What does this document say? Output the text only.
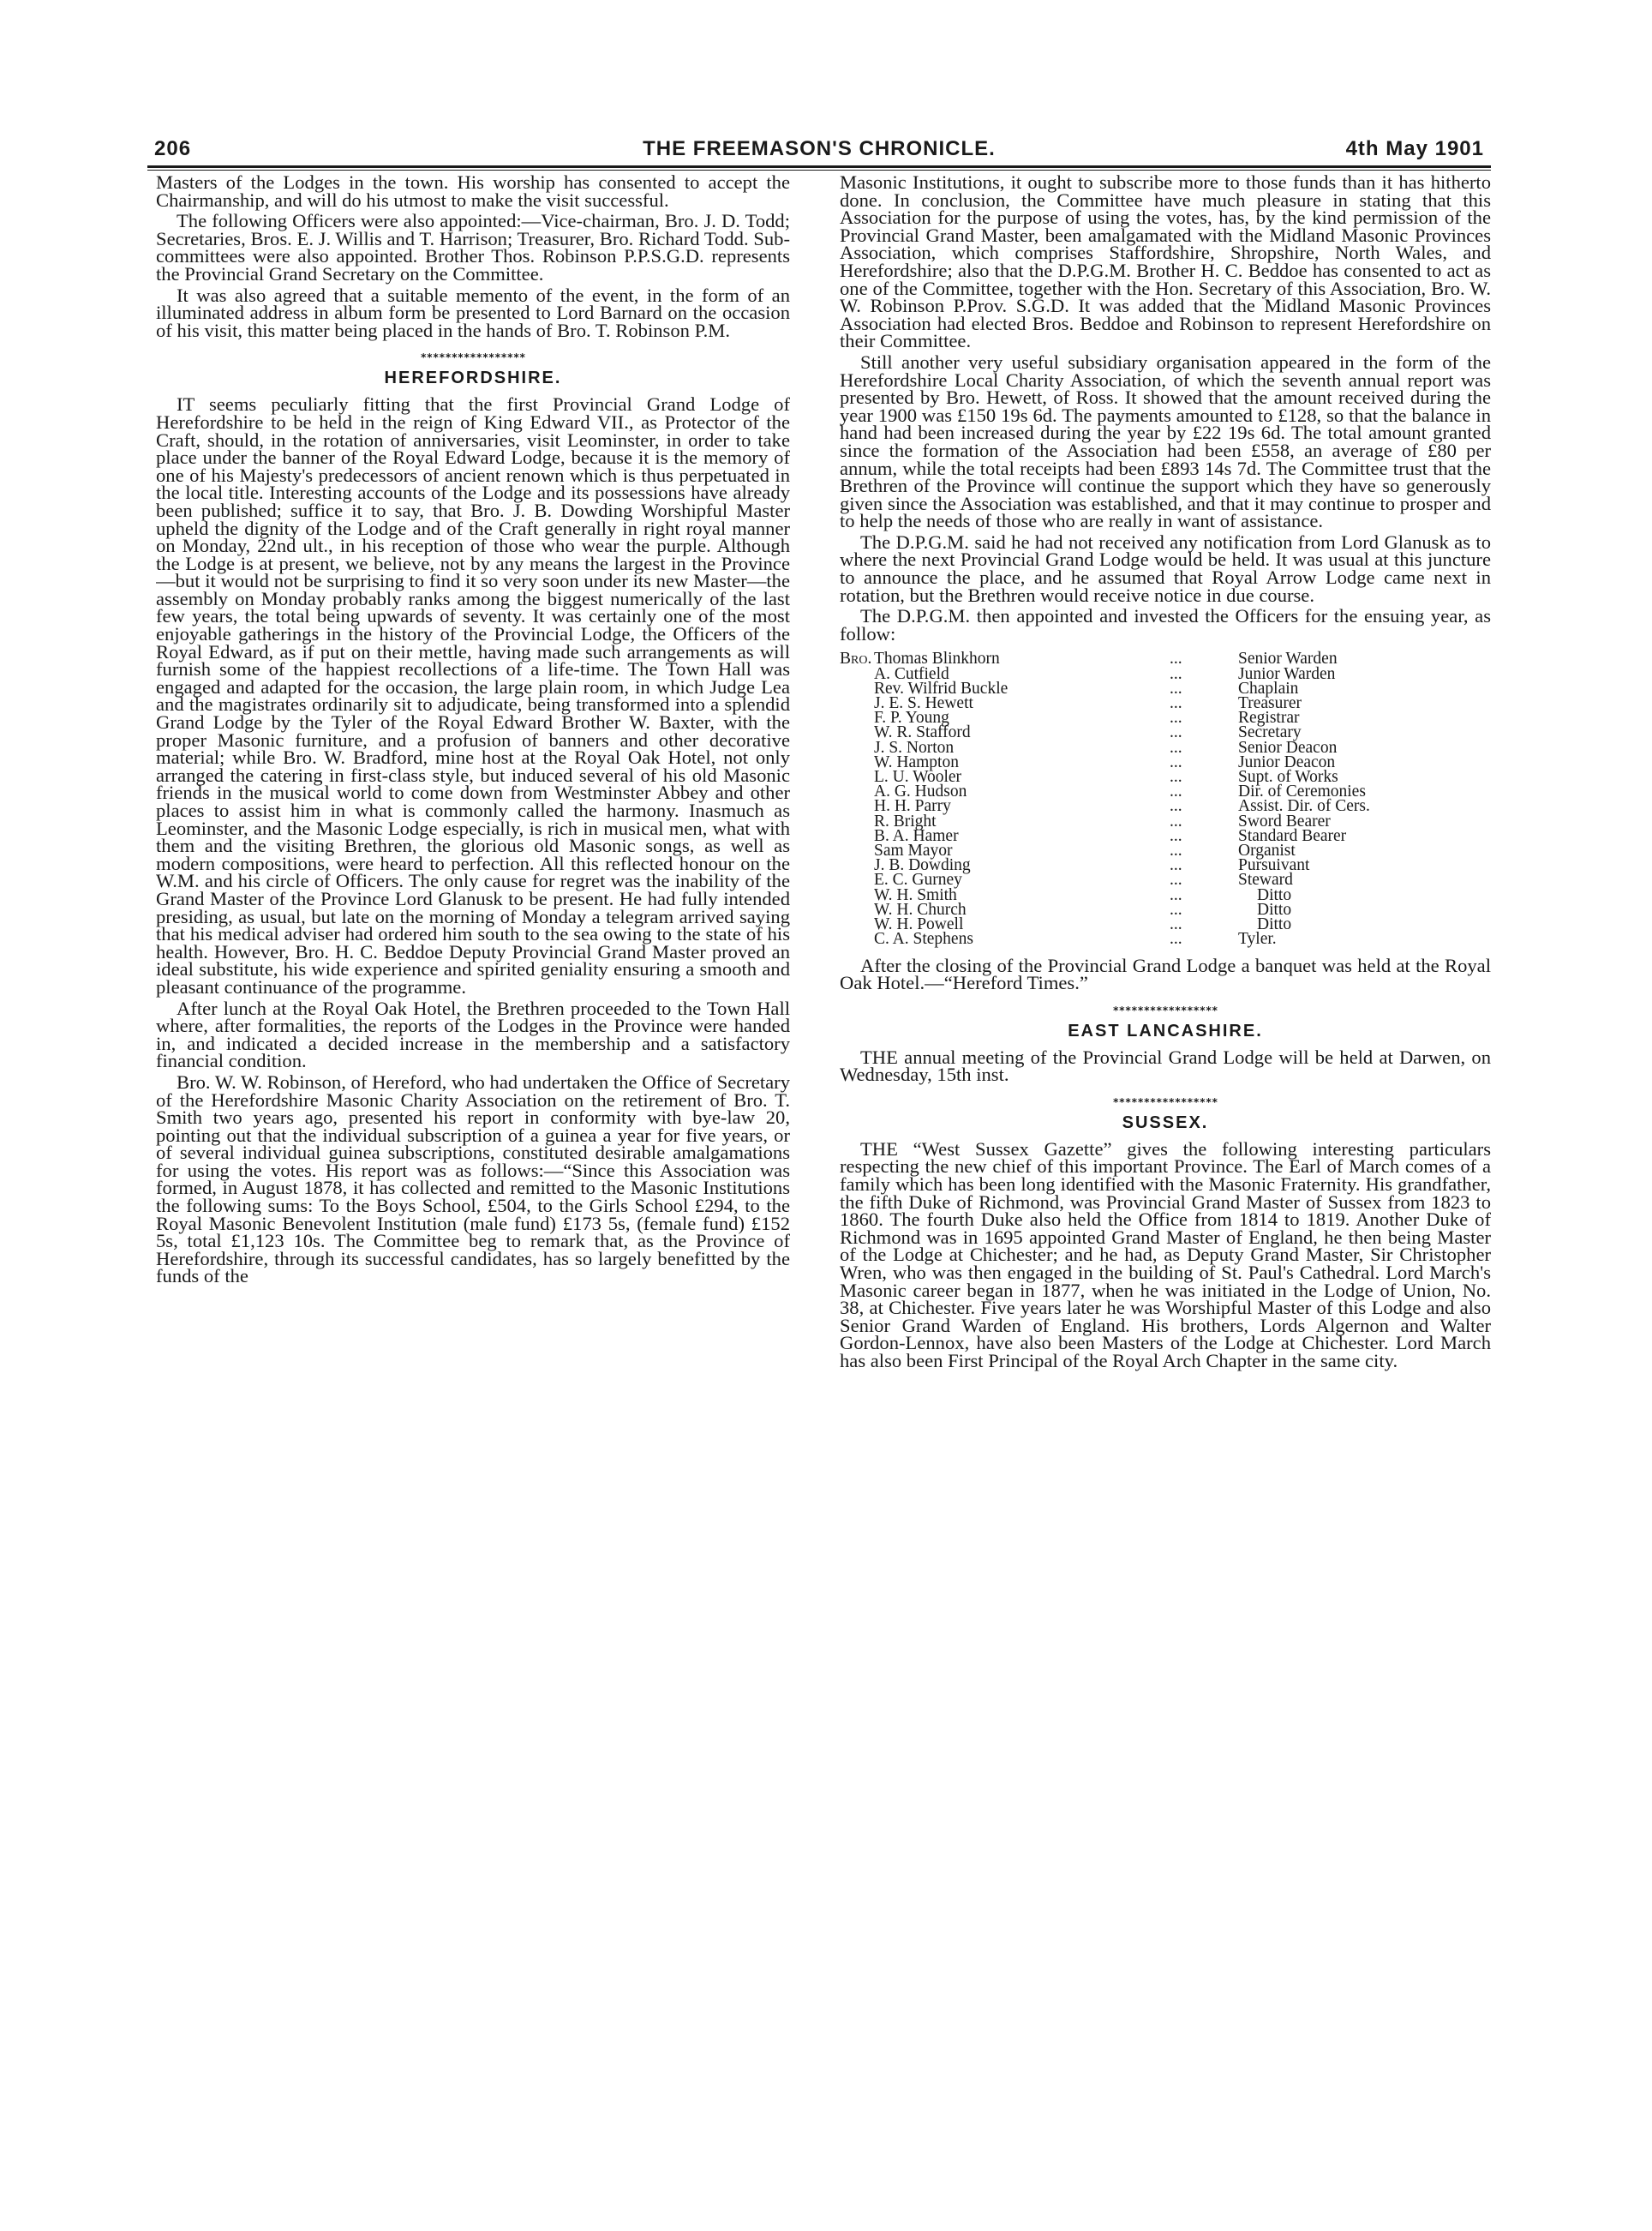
206	THE FREEMASON'S CHRONICLE.	4th May 1901

Masters of the Lodges in the town. His worship has consented to accept the Chairmanship, and will do his utmost to make the visit successful.

The following Officers were also appointed:—Vice-chairman, Bro. J. D. Todd; Secretaries, Bros. E. J. Willis and T. Harrison; Treasurer, Bro. Richard Todd. Sub-committees were also appointed. Brother Thos. Robinson P.P.S.G.D. represents the Provincial Grand Secretary on the Committee.

It was also agreed that a suitable memento of the event, in the form of an illuminated address in album form be presented to Lord Barnard on the occasion of his visit, this matter being placed in the hands of Bro. T. Robinson P.M.

*****************
HEREFORDSHIRE.

IT seems peculiarly fitting that the first Provincial Grand Lodge of Herefordshire to be held in the reign of King Edward VII., as Protector of the Craft, should, in the rotation of anniversaries, visit Leominster, in order to take place under the banner of the Royal Edward Lodge, because it is the memory of one of his Majesty's predecessors of ancient renown which is thus perpetuated in the local title. Interesting accounts of the Lodge and its possessions have already been published; suffice it to say, that Bro. J. B. Dowding Worshipful Master upheld the dignity of the Lodge and of the Craft generally in right royal manner on Monday, 22nd ult., in his reception of those who wear the purple. Although the Lodge is at present, we believe, not by any means the largest in the Province—but it would not be surprising to find it so very soon under its new Master—the assembly on Monday probably ranks among the biggest numerically of the last few years, the total being upwards of seventy. It was certainly one of the most enjoyable gatherings in the history of the Provincial Lodge, the Officers of the Royal Edward, as if put on their mettle, having made such arrangements as will furnish some of the happiest recollections of a life-time. The Town Hall was engaged and adapted for the occasion, the large plain room, in which Judge Lea and the magistrates ordinarily sit to adjudicate, being transformed into a splendid Grand Lodge by the Tyler of the Royal Edward Brother W. Baxter, with the proper Masonic furniture, and a profusion of banners and other decorative material; while Bro. W. Bradford, mine host at the Royal Oak Hotel, not only arranged the catering in first-class style, but induced several of his old Masonic friends in the musical world to come down from Westminster Abbey and other places to assist him in what is commonly called the harmony. Inasmuch as Leominster, and the Masonic Lodge especially, is rich in musical men, what with them and the visiting Brethren, the glorious old Masonic songs, as well as modern compositions, were heard to perfection. All this reflected honour on the W.M. and his circle of Officers. The only cause for regret was the inability of the Grand Master of the Province Lord Glanusk to be present. He had fully intended presiding, as usual, but late on the morning of Monday a telegram arrived saying that his medical adviser had ordered him south to the sea owing to the state of his health. However, Bro. H. C. Beddoe Deputy Provincial Grand Master proved an ideal substitute, his wide experience and spirited geniality ensuring a smooth and pleasant continuance of the programme.

After lunch at the Royal Oak Hotel, the Brethren proceeded to the Town Hall where, after formalities, the reports of the Lodges in the Province were handed in, and indicated a decided increase in the membership and a satisfactory financial condition.

Bro. W. W. Robinson, of Hereford, who had undertaken the Office of Secretary of the Herefordshire Masonic Charity Association on the retirement of Bro. T. Smith two years ago, presented his report in conformity with bye-law 20, pointing out that the individual subscription of a guinea a year for five years, or of several individual guinea subscriptions, constituted desirable amalgamations for using the votes. His report was as follows:—“Since this Association was formed, in August 1878, it has collected and remitted to the Masonic Institutions the following sums: To the Boys School, £504, to the Girls School £294, to the Royal Masonic Benevolent Institution (male fund) £173 5s, (female fund) £152 5s, total £1,123 10s. The Committee beg to remark that, as the Province of Herefordshire, through its successful candidates, has so largely benefitted by the funds of the

Masonic Institutions, it ought to subscribe more to those funds than it has hitherto done. In conclusion, the Committee have much pleasure in stating that this Association for the purpose of using the votes, has, by the kind permission of the Provincial Grand Master, been amalgamated with the Midland Masonic Provinces Association, which comprises Staffordshire, Shropshire, North Wales, and Herefordshire; also that the D.P.G.M. Brother H. C. Beddoe has consented to act as one of the Committee, together with the Hon. Secretary of this Association, Bro. W. W. Robinson P.Prov. S.G.D. It was added that the Midland Masonic Provinces Association had elected Bros. Beddoe and Robinson to represent Herefordshire on their Committee.

Still another very useful subsidiary organisation appeared in the form of the Herefordshire Local Charity Association, of which the seventh annual report was presented by Bro. Hewett, of Ross. It showed that the amount received during the year 1900 was £150 19s 6d. The payments amounted to £128, so that the balance in hand had been increased during the year by £22 19s 6d. The total amount granted since the formation of the Association had been £558, an average of £80 per annum, while the total receipts had been £893 14s 7d. The Committee trust that the Brethren of the Province will continue the support which they have so generously given since the Association was established, and that it may continue to prosper and to help the needs of those who are really in want of assistance.

The D.P.G.M. said he had not received any notification from Lord Glanusk as to where the next Provincial Grand Lodge would be held. It was usual at this juncture to announce the place, and he assumed that Royal Arrow Lodge came next in rotation, but the Brethren would receive notice in due course.

The D.P.G.M. then appointed and invested the Officers for the ensuing year, as follow:

Bro. Thomas Blinkhorn	...	Senior Warden
A. Cutfield	...	Junior Warden
Rev. Wilfrid Buckle	...	Chaplain
J. E. S. Hewett	...	Treasurer
F. P. Young	...	Registrar
W. R. Stafford	...	Secretary
J. S. Norton	...	Senior Deacon
W. Hampton	...	Junior Deacon
L. U. Wooler	...	Supt. of Works
A. G. Hudson	...	Dir. of Ceremonies
H. H. Parry	...	Assist. Dir. of Cers.
R. Bright	...	Sword Bearer
B. A. Hamer	...	Standard Bearer
Sam Mayor	...	Organist
J. B. Dowding	...	Pursuivant
E. C. Gurney	...	Steward
W. H. Smith	...	Ditto
W. H. Church	...	Ditto
W. H. Powell	...	Ditto
C. A. Stephens	...	Tyler.

After the closing of the Provincial Grand Lodge a banquet was held at the Royal Oak Hotel.—“Hereford Times.”

*****************
EAST LANCASHIRE.

THE annual meeting of the Provincial Grand Lodge will be held at Darwen, on Wednesday, 15th inst.

*****************
SUSSEX.

THE “West Sussex Gazette” gives the following interesting particulars respecting the new chief of this important Province. The Earl of March comes of a family which has been long identified with the Masonic Fraternity. His grandfather, the fifth Duke of Richmond, was Provincial Grand Master of Sussex from 1823 to 1860. The fourth Duke also held the Office from 1814 to 1819. Another Duke of Richmond was in 1695 appointed Grand Master of England, he then being Master of the Lodge at Chichester; and he had, as Deputy Grand Master, Sir Christopher Wren, who was then engaged in the building of St. Paul's Cathedral. Lord March's Masonic career began in 1877, when he was initiated in the Lodge of Union, No. 38, at Chichester. Five years later he was Worshipful Master of this Lodge and also Senior Grand Warden of England. His brothers, Lords Algernon and Walter Gordon-Lennox, have also been Masters of the Lodge at Chichester. Lord March has also been First Principal of the Royal Arch Chapter in the same city.
